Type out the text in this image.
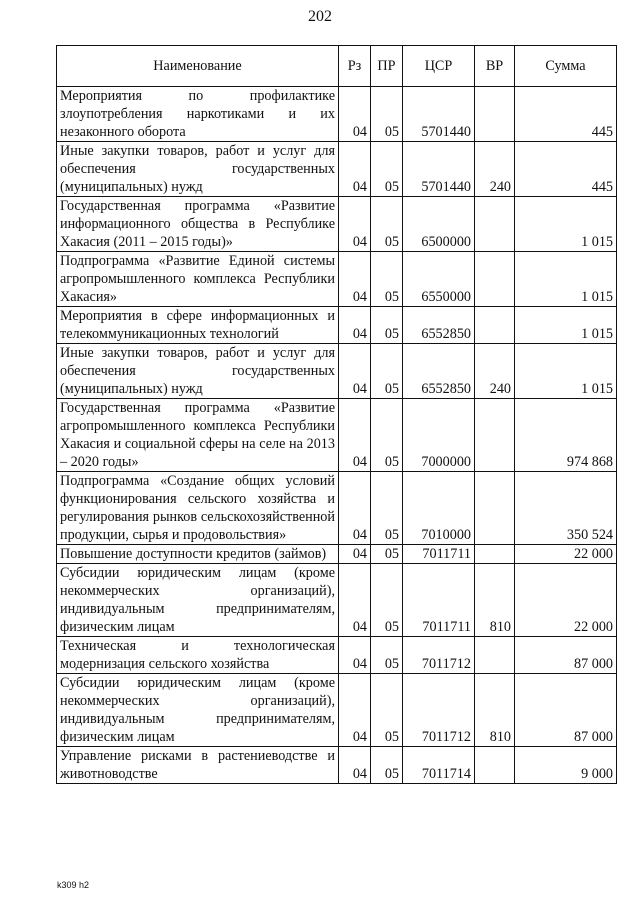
202
Наименование	Рз	ПР	ЦСР	ВР	Сумма
Мероприятия по профилактике злоупотребления наркотиками и их незаконного оборота	04	05	5701440		445
Иные закупки товаров, работ и услуг для обеспечения государственных (муниципальных) нужд	04	05	5701440	240	445
Государственная программа «Развитие информационного общества в Республике Хакасия (2011 – 2015 годы)»	04	05	6500000		1 015
Подпрограмма «Развитие Единой системы агропромышленного комплекса Республики Хакасия»	04	05	6550000		1 015
Мероприятия в сфере информационных и телекоммуникационных технологий	04	05	6552850		1 015
Иные закупки товаров, работ и услуг для обеспечения государственных (муниципальных) нужд	04	05	6552850	240	1 015
Государственная программа «Развитие агропромышленного комплекса Республики Хакасия и социальной сферы на селе на 2013 – 2020 годы»	04	05	7000000		974 868
Подпрограмма «Создание общих условий функционирования сельского хозяйства и регулирования рынков сельскохозяйственной продукции, сырья и продовольствия»	04	05	7010000		350 524
Повышение доступности кредитов (займов)	04	05	7011711		22 000
Субсидии юридическим лицам (кроме некоммерческих организаций), индивидуальным предпринимателям, физическим лицам	04	05	7011711	810	22 000
Техническая и технологическая модернизация сельского хозяйства	04	05	7011712		87 000
Субсидии юридическим лицам (кроме некоммерческих организаций), индивидуальным предпринимателям, физическим лицам	04	05	7011712	810	87 000
Управление рисками в растениеводстве и животноводстве	04	05	7011714		9 000
k309 h2
